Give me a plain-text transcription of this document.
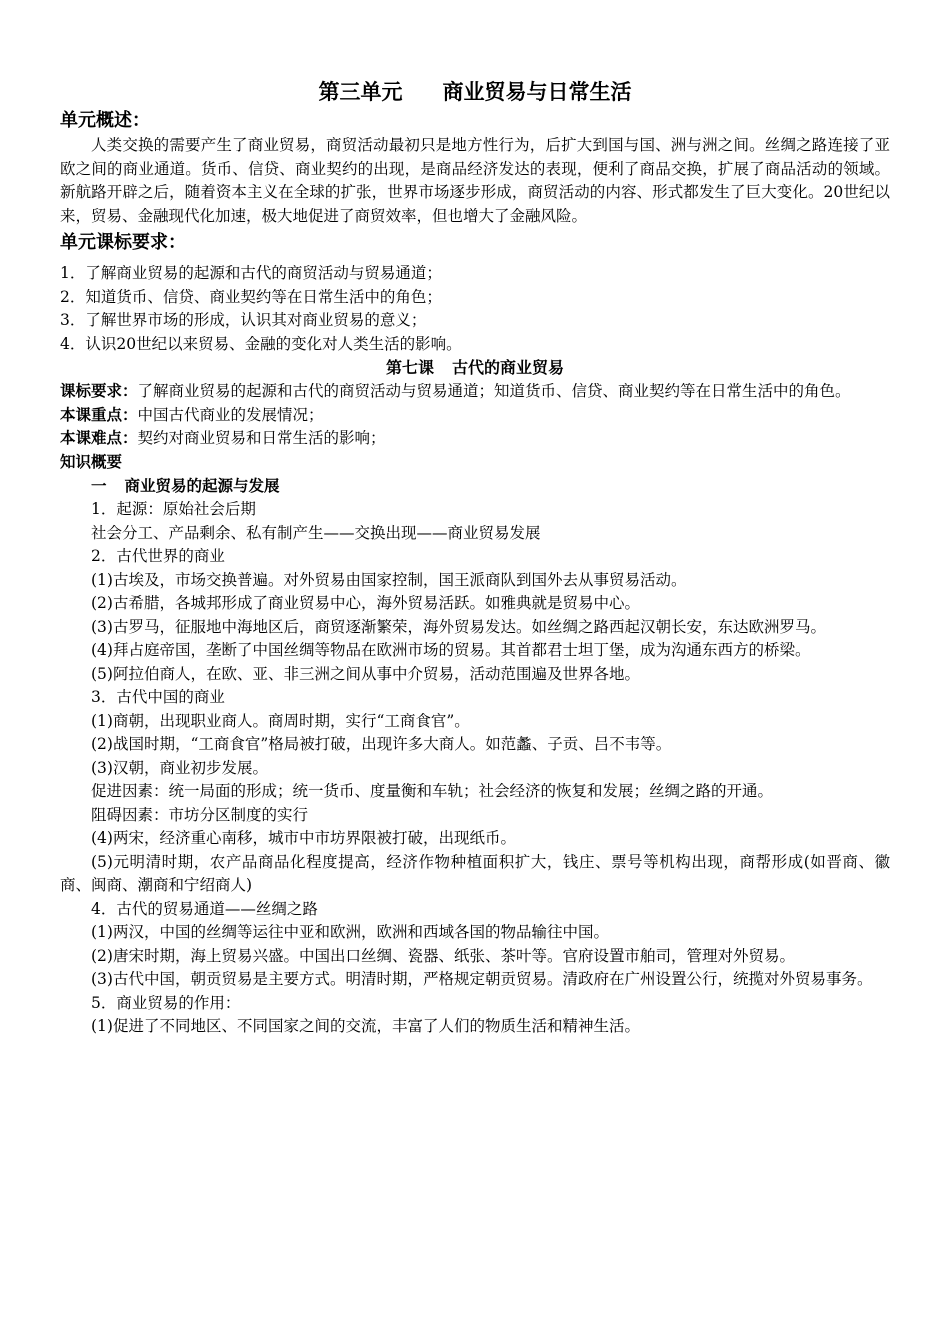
第三单元 商业贸易与日常生活
单元概述：

人类交换的需要产生了商业贸易，商贸活动最初只是地方性行为，后扩大到国与国、洲与洲之间。丝绸之路连接了亚欧之间的商业通道。货币、信贷、商业契约的出现，是商品经济发达的表现，便利了商品交换，扩展了商品活动的领域。新航路开辟之后，随着资本主义在全球的扩张，世界市场逐步形成，商贸活动的内容、形式都发生了巨大变化。20世纪以来，贸易、金融现代化加速，极大地促进了商贸效率，但也增大了金融风险。

单元课标要求：

1．了解商业贸易的起源和古代的商贸活动与贸易通道；

2．知道货币、信贷、商业契约等在日常生活中的角色；

3．了解世界市场的形成，认识其对商业贸易的意义；

4．认识20世纪以来贸易、金融的变化对人类生活的影响。

第七课 古代的商业贸易

课标要求：了解商业贸易的起源和古代的商贸活动与贸易通道；知道货币、信贷、商业契约等在日常生活中的角色。

本课重点：中国古代商业的发展情况；

本课难点：契约对商业贸易和日常生活的影响；

知识概要

一 商业贸易的起源与发展

1．起源：原始社会后期

社会分工、产品剩余、私有制产生——交换出现——商业贸易发展

2．古代世界的商业

(1)古埃及，市场交换普遍。对外贸易由国家控制，国王派商队到国外去从事贸易活动。

(2)古希腊，各城邦形成了商业贸易中心，海外贸易活跃。如雅典就是贸易中心。

(3)古罗马，征服地中海地区后，商贸逐渐繁荣，海外贸易发达。如丝绸之路西起汉朝长安，东达欧洲罗马。

(4)拜占庭帝国，垄断了中国丝绸等物品在欧洲市场的贸易。其首都君士坦丁堡，成为沟通东西方的桥梁。

(5)阿拉伯商人，在欧、亚、非三洲之间从事中介贸易，活动范围遍及世界各地。

3．古代中国的商业

(1)商朝，出现职业商人。商周时期，实行“工商食官”。

(2)战国时期，“工商食官”格局被打破，出现许多大商人。如范蠡、子贡、吕不韦等。

(3)汉朝，商业初步发展。

促进因素：统一局面的形成；统一货币、度量衡和车轨；社会经济的恢复和发展；丝绸之路的开通。

阻碍因素：市坊分区制度的实行

(4)两宋，经济重心南移，城市中市坊界限被打破，出现纸币。

(5)元明清时期，农产品商品化程度提高，经济作物种植面积扩大，钱庄、票号等机构出现，商帮形成(如晋商、徽商、闽商、潮商和宁绍商人)

4．古代的贸易通道——丝绸之路

(1)两汉，中国的丝绸等运往中亚和欧洲，欧洲和西域各国的物品输往中国。

(2)唐宋时期，海上贸易兴盛。中国出口丝绸、瓷器、纸张、茶叶等。官府设置市舶司，管理对外贸易。

(3)古代中国，朝贡贸易是主要方式。明清时期，严格规定朝贡贸易。清政府在广州设置公行，统揽对外贸易事务。

5．商业贸易的作用：

(1)促进了不同地区、不同国家之间的交流，丰富了人们的物质生活和精神生活。
